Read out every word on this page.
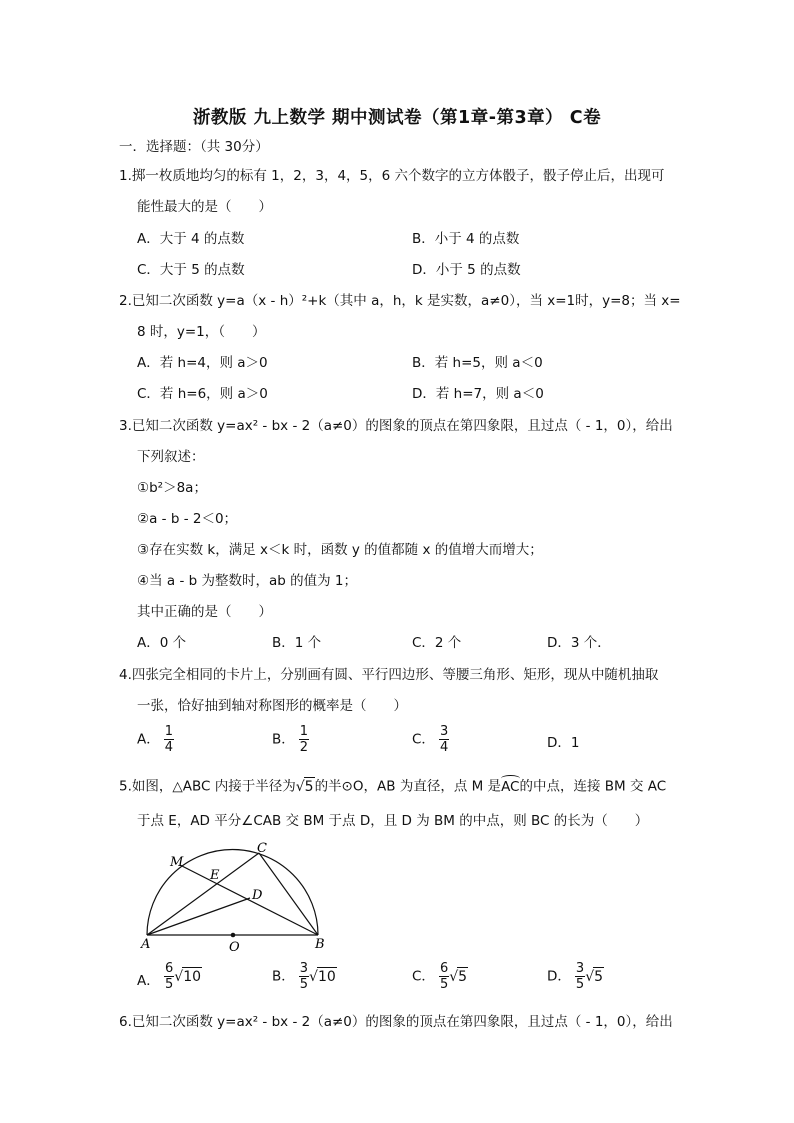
浙教版 九上数学 期中测试卷（第1章-第3章） C卷
一．选择题：（共 30分）
1.掷一枚质地均匀的标有 1，2，3，4，5，6 六个数字的立方体骰子，骰子停止后，出现可
能性最大的是（　　）
A．大于 4 的点数	B．小于 4 的点数
C．大于 5 的点数	D．小于 5 的点数
2.已知二次函数 y=a（x - h）²+k（其中 a，h，k 是实数，a≠0），当 x=1时，y=8；当 x=
8 时，y=1，（　　）
A．若 h=4，则 a＞0	B．若 h=5，则 a＜0
C．若 h=6，则 a＞0	D．若 h=7，则 a＜0
3.已知二次函数 y=ax² - bx - 2（a≠0）的图象的顶点在第四象限，且过点（ - 1，0），给出
下列叙述：
①b²＞8a；
②a - b - 2＜0；
③存在实数 k，满足 x＜k 时，函数 y 的值都随 x 的值增大而增大；
④当 a - b 为整数时，ab 的值为 1；
其中正确的是（　　）
A．0 个	B．1 个	C．2 个	D．3 个．
4.四张完全相同的卡片上，分别画有圆、平行四边形、等腰三角形、矩形，现从中随机抽取
一张，恰好抽到轴对称图形的概率是（　　）
A． $\frac{1}{4}$	B． $\frac{1}{2}$	C． $\frac{3}{4}$	D．1
5.如图，△ABC 内接于半径为√5的半⊙O，AB 为直径，点 M 是AC的中点，连接 BM 交 AC
于点 E，AD 平分∠CAB 交 BM 于点 D，且 D 为 BM 的中点，则 BC 的长为（　　）
M
C
E
D
A	O	B
A． $\frac{6}{5} √10$	B． $\frac{3}{5} √10$	C． $\frac{6}{5} √5$	D． $\frac{3}{5} √5$
6.已知二次函数 y=ax² - bx - 2（a≠0）的图象的顶点在第四象限，且过点（ - 1，0），给出
